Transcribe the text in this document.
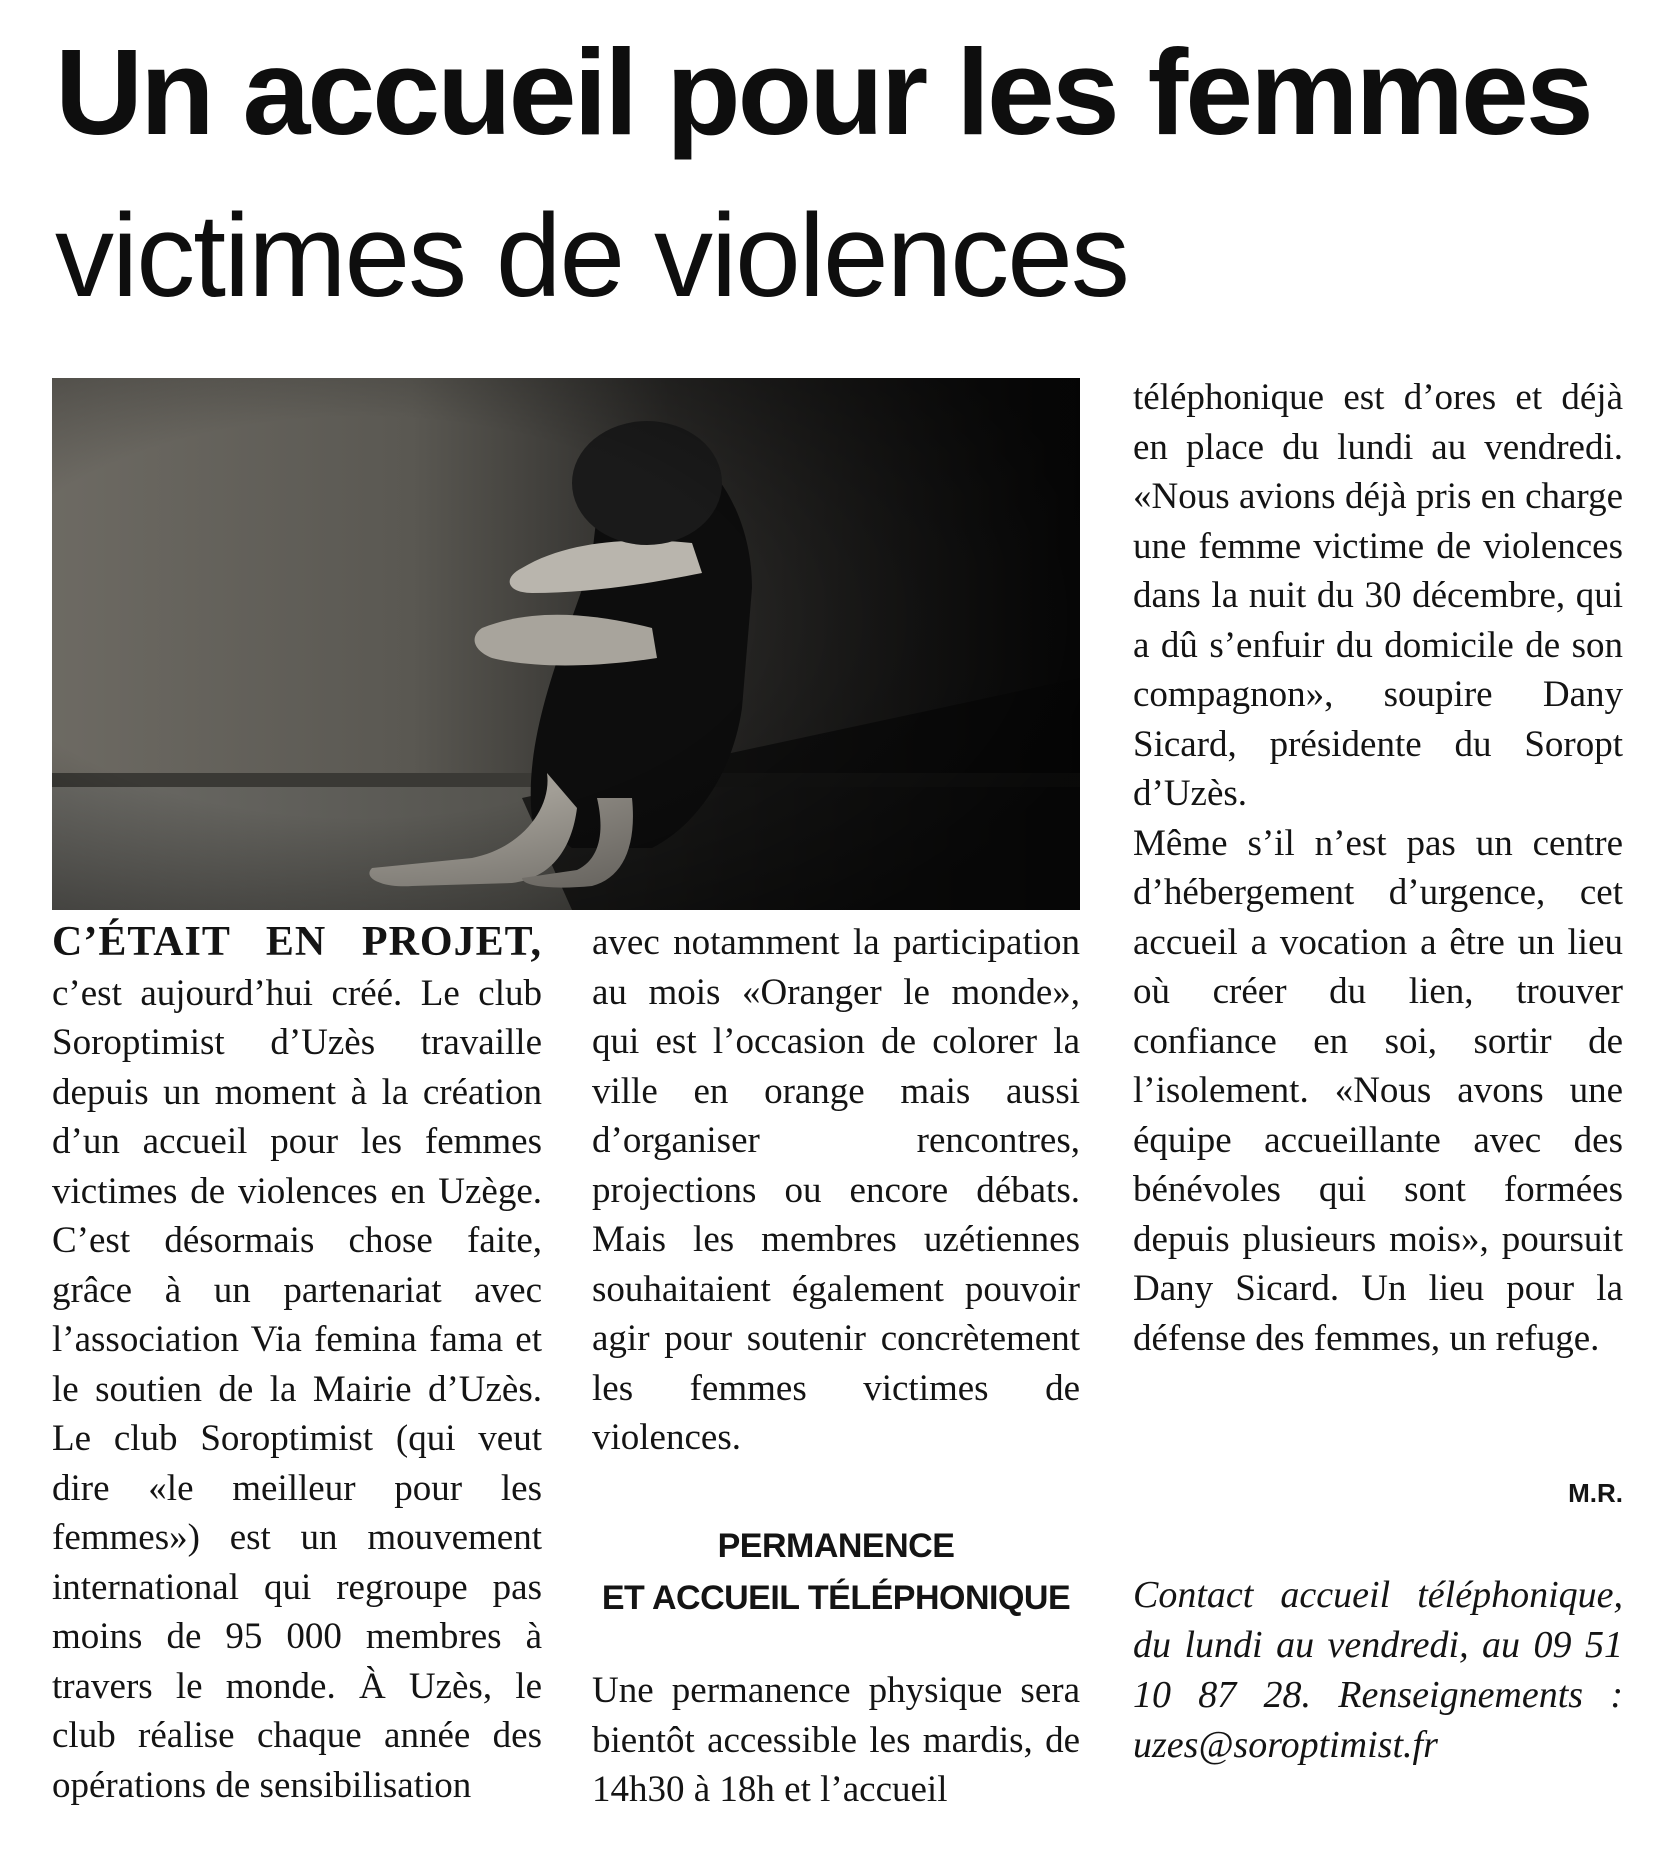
Un accueil pour les femmes
victimes de violences
C’ÉTAIT EN PROJET, c’est aujourd’hui créé. Le club Soroptimist d’Uzès travaille depuis un moment à la création d’un accueil pour les femmes victimes de violences en Uzège. C’est désormais chose faite, grâce à un partenariat avec l’association Via femina fama et le soutien de la Mairie d’Uzès. Le club Soroptimist (qui veut dire «le meilleur pour les femmes») est un mouvement international qui regroupe pas moins de 95 000 membres à travers le monde. À Uzès, le club réalise chaque année des opérations de sensibilisation
avec notamment la participation au mois «Oranger le monde», qui est l’occasion de colorer la ville en orange mais aussi d’organiser rencontres, projections ou encore débats. Mais les membres uzétiennes souhaitaient également pouvoir agir pour soutenir concrètement les femmes victimes de violences.
PERMANENCE
ET ACCUEIL TÉLÉPHONIQUE
Une permanence physique sera bientôt accessible les mardis, de 14h30 à 18h et l’accueil
téléphonique est d’ores et déjà en place du lundi au vendredi. «Nous avions déjà pris en charge une femme victime de violences dans la nuit du 30 décembre, qui a dû s’enfuir du domicile de son compagnon», soupire Dany Sicard, présidente du Soropt d’Uzès.
Même s’il n’est pas un centre d’hébergement d’urgence, cet accueil a vocation a être un lieu où créer du lien, trouver confiance en soi, sortir de l’isolement. «Nous avons une équipe accueillante avec des bénévoles qui sont formées depuis plusieurs mois», poursuit Dany Sicard. Un lieu pour la défense des femmes, un refuge.
M.R.
Contact accueil téléphonique, du lundi au vendredi, au 09 51 10 87 28. Renseignements : uzes@soroptimist.fr
